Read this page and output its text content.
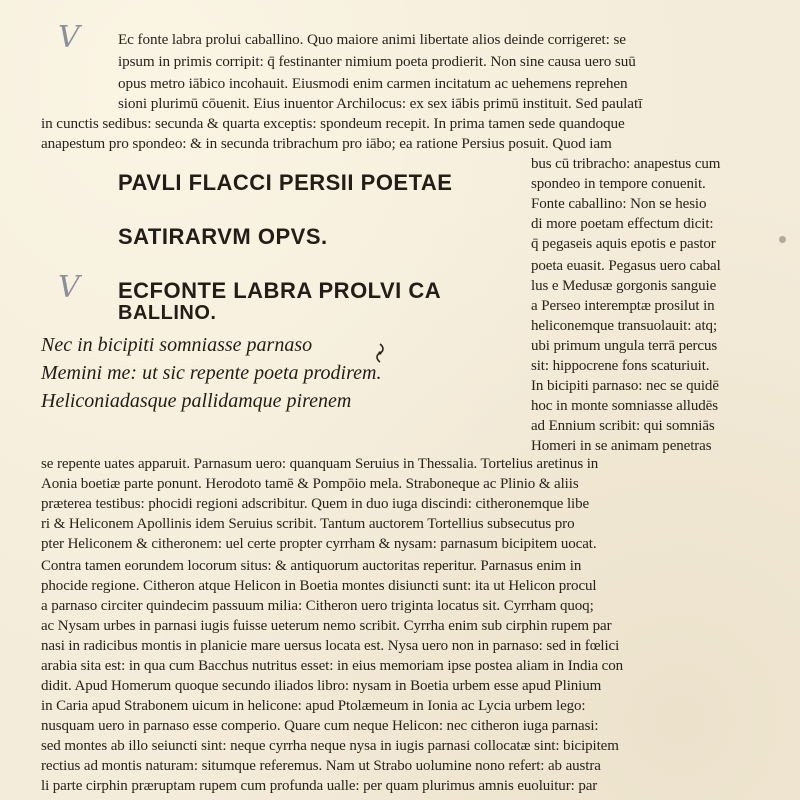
V
V
Ec fonte labra prolui caballino. Quo maiore animi libertate alios deinde corrigeret: se
ipsum in primis corripit: q̄ festinanter nimium poeta prodierit. Non sine causa uero suū
opus metro iābico incohauit. Eiusmodi enim carmen incitatum ac uehemens reprehen
sioni plurimū cōuenit. Eius inuentor Archilocus: ex sex iābis primū instituit. Sed paulatī
in cunctis sedibus: secunda & quarta exceptis: spondeum recepit. In prima tamen sede quandoque
anapestum pro spondeo: & in secunda tribrachum pro iābo; ea ratione Persius posuit. Quod iam
PAVLI FLACCI PERSII POETAE
SATIRARVM OPVS.
ECFONTE LABRA PROLVI CA
BALLINO.
Nec in bicipiti somniasse parnaso
Memini me: ut sic repente poeta prodirem.
Heliconiadasque pallidamque pirenem
bus cū tribracho: anapestus cum
spondeo in tempore conuenit.
Fonte caballino: Non se hesio
di more poetam effectum dicit:
q̄ pegaseis aquis epotis e pastor
poeta euasit. Pegasus uero cabal
lus e Medusæ gorgonis sanguie
a Perseo interemptæ prosilut in
heliconemque transuolauit: atq;
ubi primum ungula terrā percus
sit: hippocrene fons scaturiuit.
In bicipiti parnaso: nec se quidē
hoc in monte somniasse alludēs
ad Ennium scribit: qui somniās
Homeri in se animam penetras
se repente uates apparuit. Parnasum uero: quanquam Seruius in Thessalia. Tortelius aretinus in
Aonia boetiæ parte ponunt. Herodoto tamē & Pompōio mela. Straboneque ac Plinio & aliis
præterea testibus: phocidi regioni adscribitur. Quem in duo iuga discindi: citheronemque libe
ri & Heliconem Apollinis idem Seruius scribit. Tantum auctorem Tortellius subsecutus pro
pter Heliconem & citheronem: uel certe propter cyrrham & nysam: parnasum bicipitem uocat.
Contra tamen eorundem locorum situs: & antiquorum auctoritas reperitur. Parnasus enim in
phocide regione. Citheron atque Helicon in Boetia montes disiuncti sunt: ita ut Helicon procul
a parnaso circiter quindecim passuum milia: Citheron uero triginta locatus sit. Cyrrham quoq;
ac Nysam urbes in parnasi iugis fuisse ueterum nemo scribit. Cyrrha enim sub cirphin rupem par
nasi in radicibus montis in planicie mare uersus locata est. Nysa uero non in parnaso: sed in fœlici
arabia sita est: in qua cum Bacchus nutritus esset: in eius memoriam ipse postea aliam in India con
didit. Apud Homerum quoque secundo iliados libro: nysam in Boetia urbem esse apud Plinium
in Caria apud Strabonem uicum in helicone: apud Ptolæmeum in Ionia ac Lycia urbem lego:
nusquam uero in parnaso esse comperio. Quare cum neque Helicon: nec citheron iuga parnasi:
sed montes ab illo seiuncti sint: neque cyrrha neque nysa in iugis parnasi collocatæ sint: bicipitem
rectius ad montis naturam: situmque referemus. Nam ut Strabo uolumine nono refert: ab austra
li parte cirphin præruptam rupem cum profunda ualle: per quam plurimus amnis euoluitur: par
